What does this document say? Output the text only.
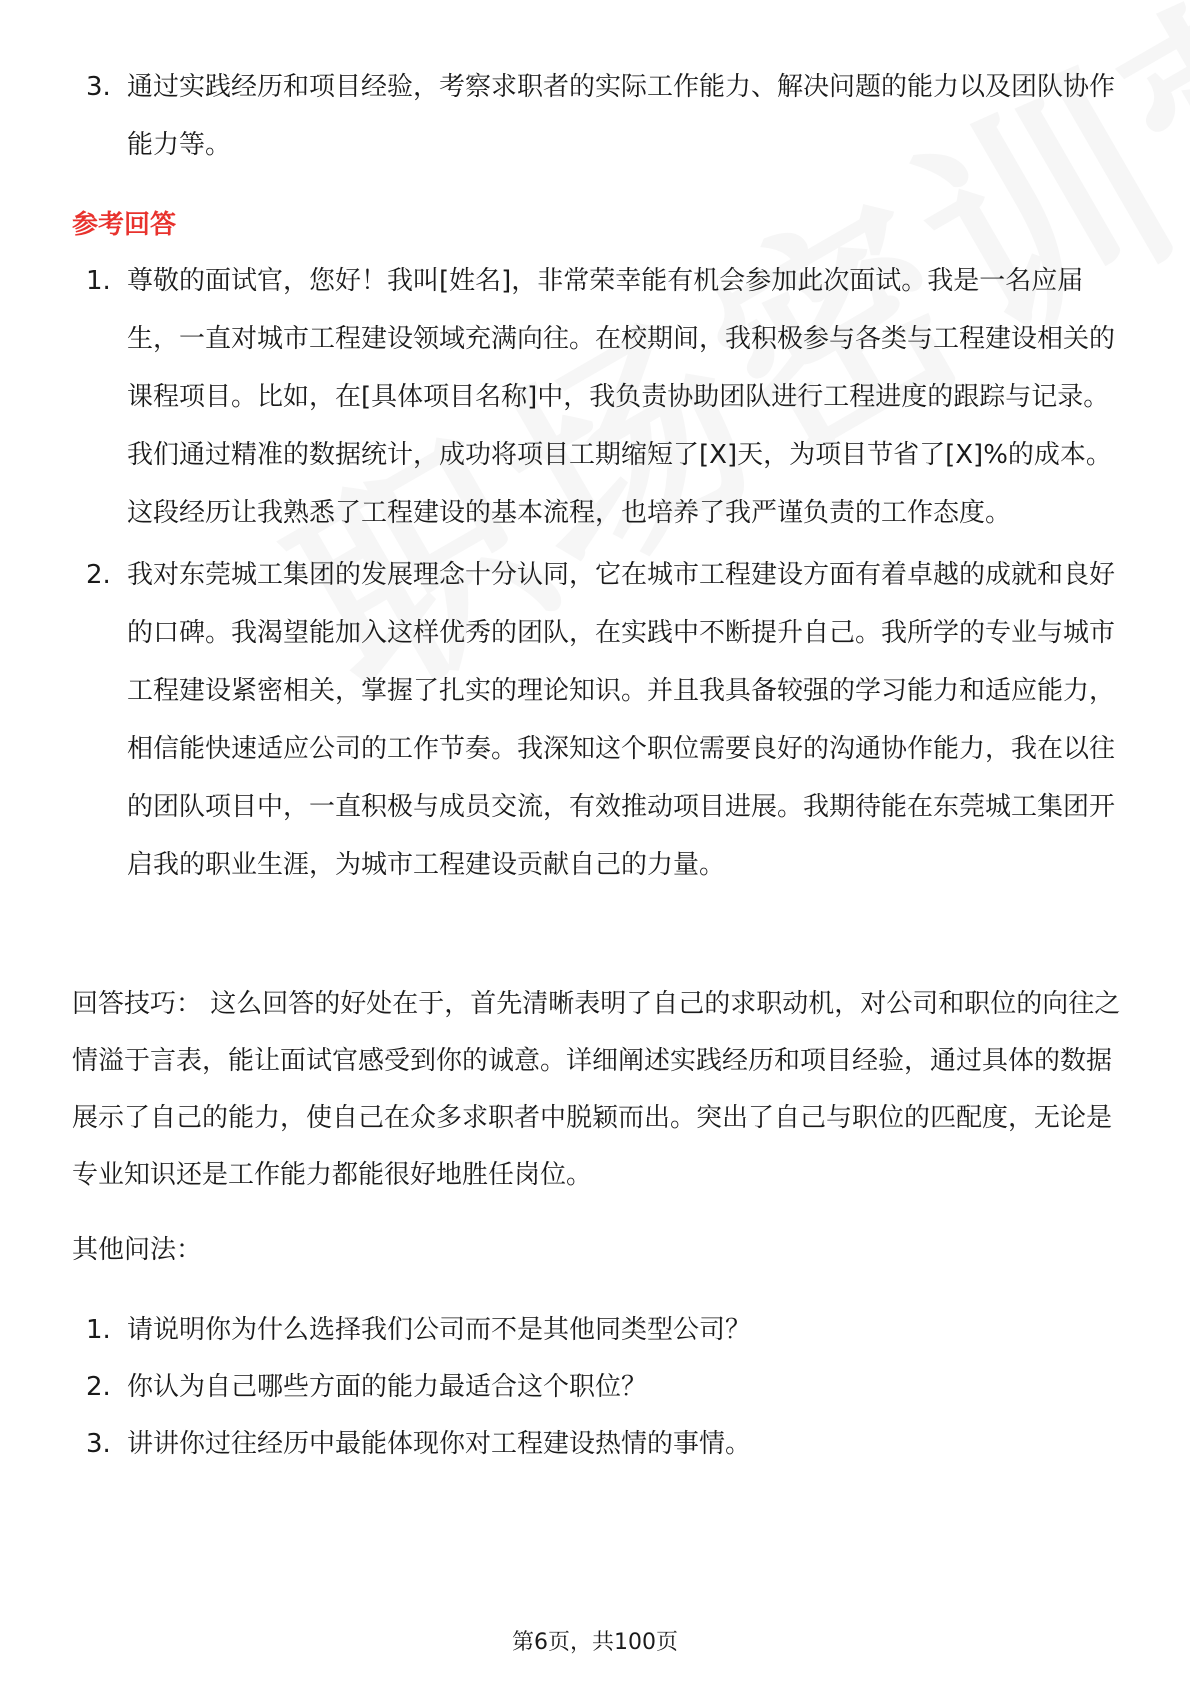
3. 通过实践经历和项目经验，考察求职者的实际工作能力、解决问题的能力以及团队协作能力等。
参考回答
1. 尊敬的面试官，您好！我叫[姓名]，非常荣幸能有机会参加此次面试。我是一名应届生，一直对城市工程建设领域充满向往。在校期间，我积极参与各类与工程建设相关的课程项目。比如，在[具体项目名称]中，我负责协助团队进行工程进度的跟踪与记录。我们通过精准的数据统计，成功将项目工期缩短了[X]天，为项目节省了[X]%的成本。这段经历让我熟悉了工程建设的基本流程，也培养了我严谨负责的工作态度。
2. 我对东莞城工集团的发展理念十分认同，它在城市工程建设方面有着卓越的成就和良好的口碑。我渴望能加入这样优秀的团队，在实践中不断提升自己。我所学的专业与城市工程建设紧密相关，掌握了扎实的理论知识。并且我具备较强的学习能力和适应能力，相信能快速适应公司的工作节奏。我深知这个职位需要良好的沟通协作能力，我在以往的团队项目中，一直积极与成员交流，有效推动项目进展。我期待能在东莞城工集团开启我的职业生涯，为城市工程建设贡献自己的力量。

回答技巧： 这么回答的好处在于，首先清晰表明了自己的求职动机，对公司和职位的向往之情溢于言表，能让面试官感受到你的诚意。详细阐述实践经历和项目经验，通过具体的数据展示了自己的能力，使自己在众多求职者中脱颖而出。突出了自己与职位的匹配度，无论是专业知识还是工作能力都能很好地胜任岗位。

其他问法：

1. 请说明你为什么选择我们公司而不是其他同类型公司？
2. 你认为自己哪些方面的能力最适合这个职位？
3. 讲讲你过往经历中最能体现你对工程建设热情的事情。
第6页，共100页
